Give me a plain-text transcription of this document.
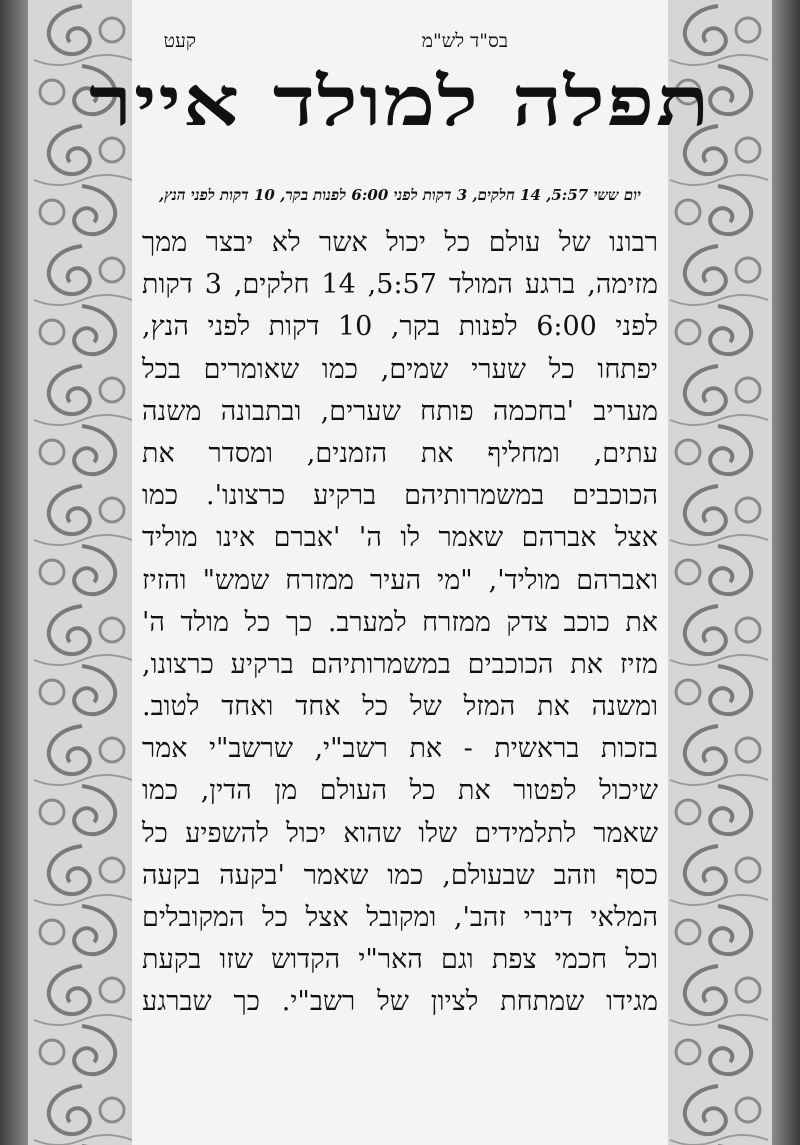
בס"ד לש"מ
קעט
תפלה למולד אייר
יום ששי 5:57, 14 חלקים, 3 דקות לפני 6:00 לפנות בקר, 10 דקות לפני הנץ,
רבונו של עולם כל יכול אשר לא יבצר ממך
מזימה, ברגע המולד 5:57, 14 חלקים, 3 דקות
לפני 6:00 לפנות בקר, 10 דקות לפני הנץ,
יפתחו כל שערי שמים, כמו שאומרים בכל
מעריב 'בחכמה פותח שערים, ובתבונה משנה
עתים, ומחליף את הזמנים, ומסדר את
הכוכבים במשמרותיהם ברקיע כרצונו'. כמו
אצל אברהם שאמר לו ה' 'אברם אינו מוליד
ואברהם מוליד', "מי העיר ממזרח שמש" והזיז
את כוכב צדק ממזרח למערב. כך כל מולד ה'
מזיז את הכוכבים במשמרותיהם ברקיע כרצונו,
ומשנה את המזל של כל אחד ואחד לטוב.
בזכות בראשית - את רשב"י, שרשב"י אמר
שיכול לפטור את כל העולם מן הדין, כמו
שאמר לתלמידים שלו שהוא יכול להשפיע כל
כסף וזהב שבעולם, כמו שאמר 'בקעה בקעה
המלאי דינרי זהב', ומקובל אצל כל המקובלים
וכל חכמי צפת וגם האר"י הקדוש שזו בקעת
מגידו שמתחת לציון של רשב"י. כך שברגע
